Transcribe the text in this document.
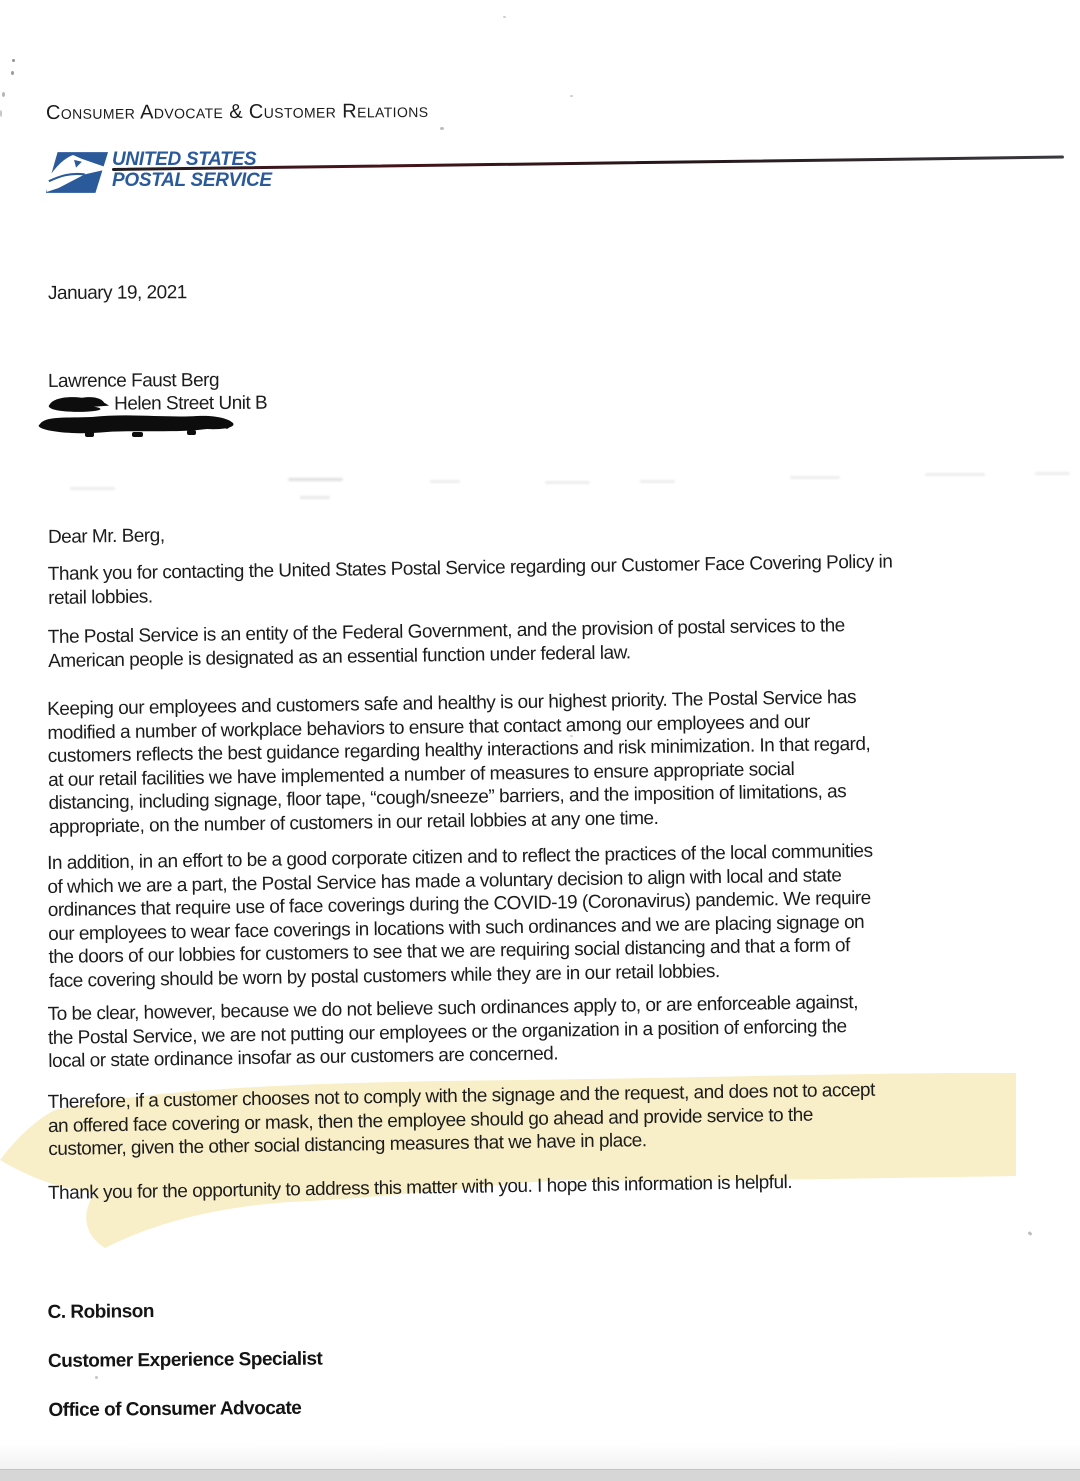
Consumer Advocate & Customer Relations
UNITED STATES
POSTAL SERVICE
January 19, 2021
Lawrence Faust Berg
Helen Street Unit B
Dear Mr. Berg,
Thank you for contacting the United States Postal Service regarding our Customer Face Covering Policy in
retail lobbies.
The Postal Service is an entity of the Federal Government, and the provision of postal services to the
American people is designated as an essential function under federal law.
Keeping our employees and customers safe and healthy is our highest priority. The Postal Service has
modified a number of workplace behaviors to ensure that contact among our employees and our
customers reflects the best guidance regarding healthy interactions and risk minimization. In that regard,
at our retail facilities we have implemented a number of measures to ensure appropriate social
distancing, including signage, floor tape, “cough/sneeze” barriers, and the imposition of limitations, as
appropriate, on the number of customers in our retail lobbies at any one time.
In addition, in an effort to be a good corporate citizen and to reflect the practices of the local communities
of which we are a part, the Postal Service has made a voluntary decision to align with local and state
ordinances that require use of face coverings during the COVID-19 (Coronavirus) pandemic. We require
our employees to wear face coverings in locations with such ordinances and we are placing signage on
the doors of our lobbies for customers to see that we are requiring social distancing and that a form of
face covering should be worn by postal customers while they are in our retail lobbies.
To be clear, however, because we do not believe such ordinances apply to, or are enforceable against,
the Postal Service, we are not putting our employees or the organization in a position of enforcing the
local or state ordinance insofar as our customers are concerned.
Therefore, if a customer chooses not to comply with the signage and the request, and does not to accept
an offered face covering or mask, then the employee should go ahead and provide service to the
customer, given the other social distancing measures that we have in place.
Thank you for the opportunity to address this matter with you. I hope this information is helpful.

C. Robinson

Customer Experience Specialist

Office of Consumer Advocate
